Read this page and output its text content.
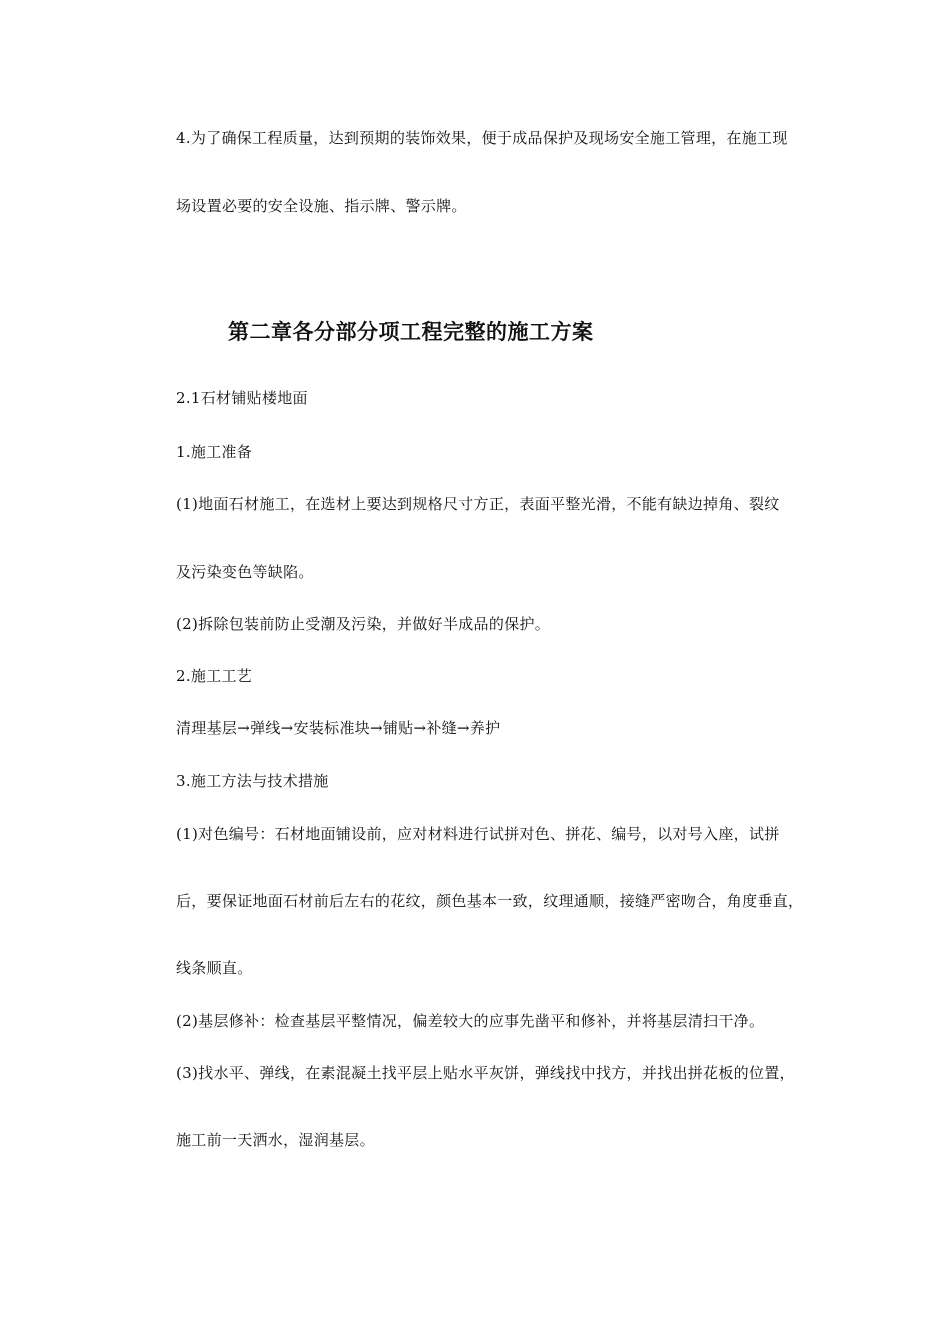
4.为了确保工程质量，达到预期的装饰效果，便于成品保护及现场安全施工管理，在施工现
场设置必要的安全设施、指示牌、警示牌。
第二章各分部分项工程完整的施工方案
2.1石材铺贴楼地面
1.施工准备
(1)地面石材施工，在选材上要达到规格尺寸方正，表面平整光滑，不能有缺边掉角、裂纹
及污染变色等缺陷。
(2)拆除包装前防止受潮及污染，并做好半成品的保护。
2.施工工艺
清理基层→弹线→安装标准块→铺贴→补缝→养护
3.施工方法与技术措施
(1)对色编号：石材地面铺设前，应对材料进行试拼对色、拼花、编号，以对号入座，试拼
后，要保证地面石材前后左右的花纹，颜色基本一致，纹理通顺，接缝严密吻合，角度垂直，
线条顺直。
(2)基层修补：检查基层平整情况，偏差较大的应事先凿平和修补，并将基层清扫干净。
(3)找水平、弹线，在素混凝土找平层上贴水平灰饼，弹线找中找方，并找出拼花板的位置，
施工前一天洒水，湿润基层。
